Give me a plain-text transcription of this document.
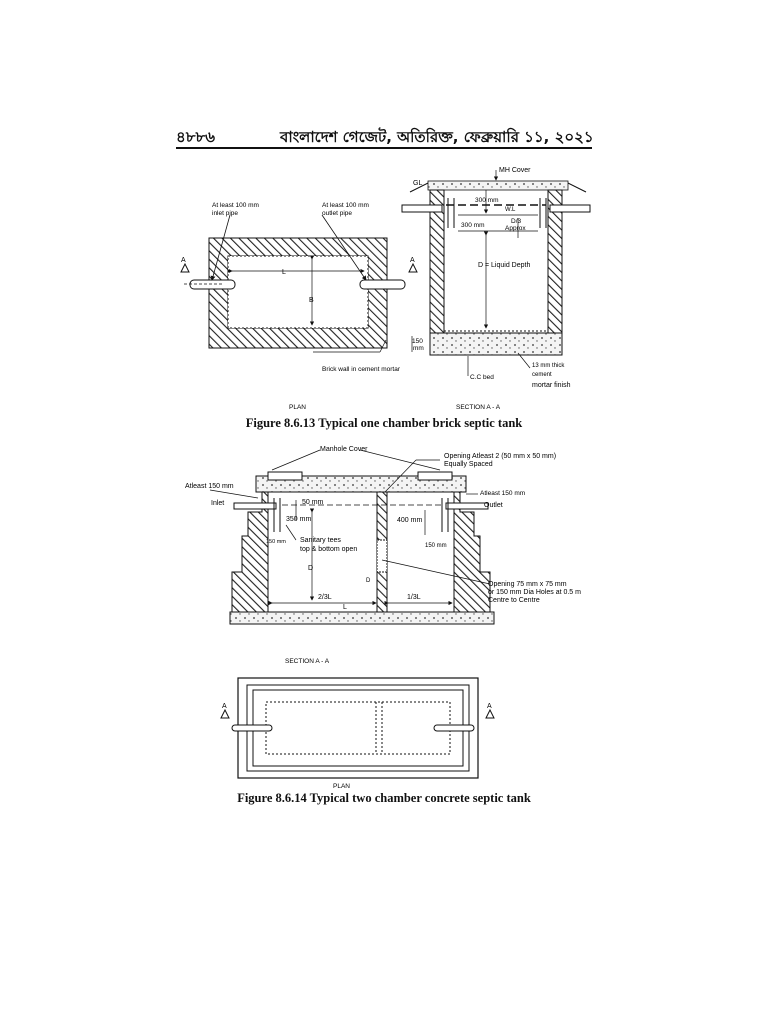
৪৮৮৬	বাংলাদেশ গেজেট, অতিরিক্ত, ফেব্রুয়ারি ১১, ২০২১
A	A
At least 100 mm
inlet pipe
At least 100 mm
outlet pipe
L
B
Brick wall in cement mortar
PLAN
MH Cover
GL
300 mm
W.L
300 mm
D/3
Approx
D = Liquid Depth
150
mm
13 mm thick
cement
mortar finish
C.C bed
SECTION A - A
Manhole Cover
Opening Atleast 2 (50 mm x 50 mm)
Equally Spaced
Atleast 150 mm
Atleast 150 mm
Inlet	Outlet
50 mm
350 mm	400 mm
150 mm
150 mm
Sanitary tees
top & bottom open
D
D	Opening 75 mm x 75 mm
or 150 mm Dia Holes at 0.5 m
Centre to Centre
2/3L	1/3L
L
SECTION A - A
A	A
PLAN
Figure 8.6.13 Typical one chamber brick septic tank
Figure 8.6.14 Typical two chamber concrete septic tank
